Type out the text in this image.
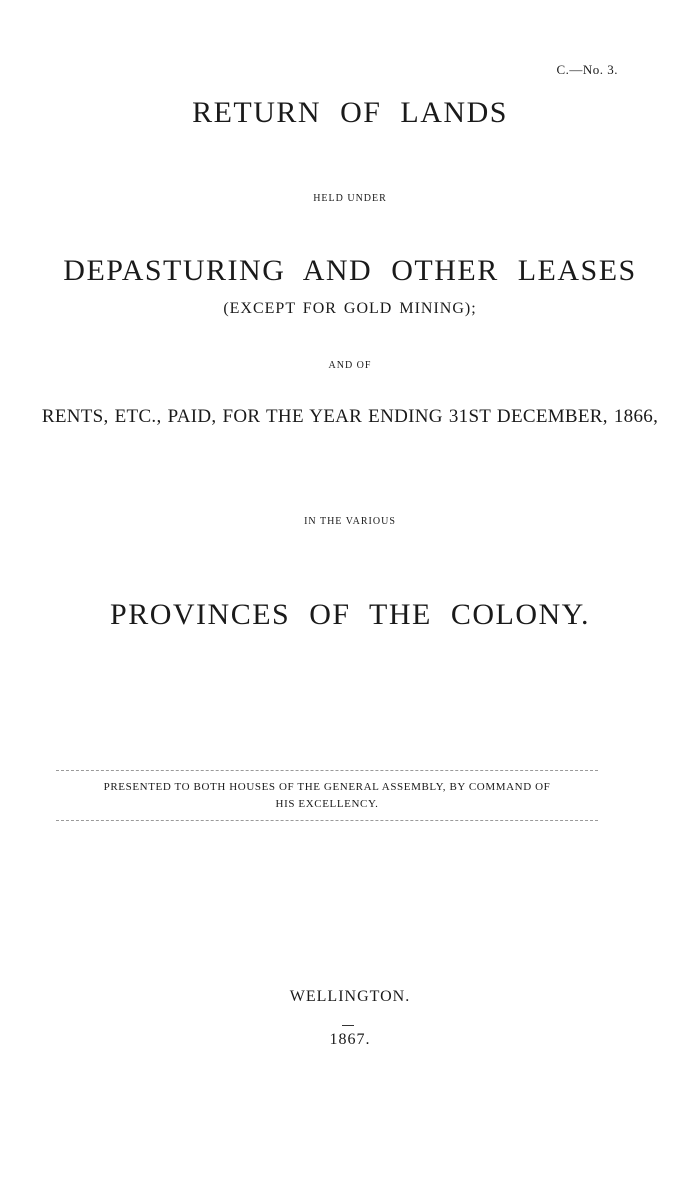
C.—No. 3.
RETURN OF LANDS
HELD UNDER
DEPASTURING AND OTHER LEASES
(EXCEPT FOR GOLD MINING);
AND OF
RENTS, ETC., PAID, FOR THE YEAR ENDING 31ST DECEMBER, 1866,
IN THE VARIOUS
PROVINCES OF THE COLONY.
PRESENTED TO BOTH HOUSES OF THE GENERAL ASSEMBLY, BY COMMAND OF
HIS EXCELLENCY.
WELLINGTON.
1867.
